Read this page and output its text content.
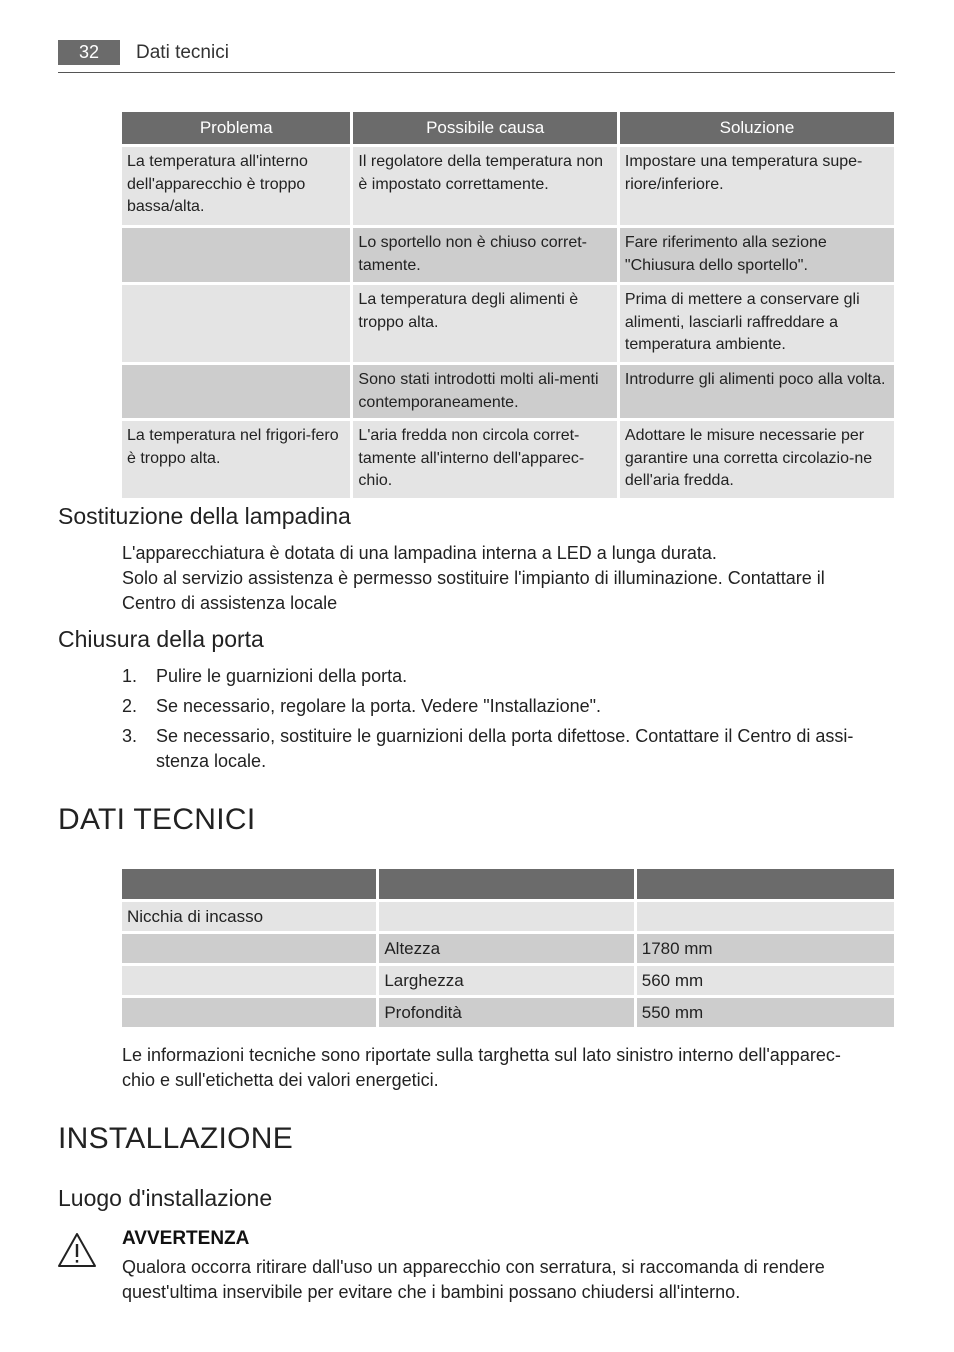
32	Dati tecnici
Problema	Possibile causa	Soluzione
La temperatura all'interno dell'apparecchio è troppo bassa/alta.	Il regolatore della temperatura non è impostato correttamente.	Impostare una temperatura supe-riore/inferiore.
	Lo sportello non è chiuso corret-tamente.	Fare riferimento alla sezione "Chiusura dello sportello".
	La temperatura degli alimenti è troppo alta.	Prima di mettere a conservare gli alimenti, lasciarli raffreddare a temperatura ambiente.
	Sono stati introdotti molti ali-menti contemporaneamente.	Introdurre gli alimenti poco alla volta.
La temperatura nel frigori-fero è troppo alta.	L'aria fredda non circola corret-tamente all'interno dell'apparec-chio.	Adottare le misure necessarie per garantire una corretta circolazio-ne dell'aria fredda.
Sostituzione della lampadina
L'apparecchiatura è dotata di una lampadina interna a LED a lunga durata.
Solo al servizio assistenza è permesso sostituire l'impianto di illuminazione. Contattare il
Centro di assistenza locale
Chiusura della porta
1. Pulire le guarnizioni della porta.
2. Se necessario, regolare la porta. Vedere "Installazione".
3. Se necessario, sostituire le guarnizioni della porta difettose. Contattare il Centro di assi-
stenza locale.
DATI TECNICI

Nicchia di incasso		
	Altezza	1780 mm
	Larghezza	560 mm
	Profondità	550 mm
Le informazioni tecniche sono riportate sulla targhetta sul lato sinistro interno dell'apparec-
chio e sull'etichetta dei valori energetici.
INSTALLAZIONE
Luogo d'installazione
AVVERTENZA
Qualora occorra ritirare dall'uso un apparecchio con serratura, si raccomanda di rendere
quest'ultima inservibile per evitare che i bambini possano chiudersi all'interno.
